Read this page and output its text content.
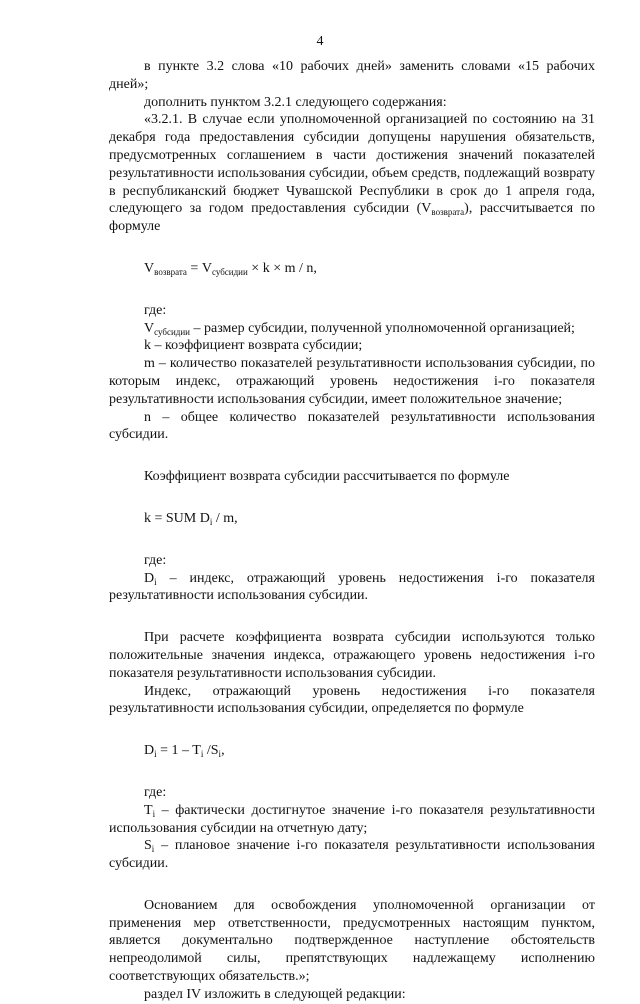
4

в пункте 3.2 слова «10 рабочих дней» заменить словами «15 рабочих дней»;

дополнить пунктом 3.2.1 следующего содержания:

«3.2.1. В случае если уполномоченной организацией по состоянию на 31 декабря года предоставления субсидии допущены нарушения обязательств, предусмотренных соглашением в части достижения значений показателей результативности использования субсидии, объем средств, подлежащий возврату в республиканский бюджет Чувашской Республики в срок до 1 апреля года, следующего за годом предоставления субсидии $(V_{возврата})$, рассчитывается по формуле

$V_{возврата} = V_{субсидии} \times k \times m / n$,

где:

$V_{субсидии}$ – размер субсидии, полученной уполномоченной организацией;

k – коэффициент возврата субсидии;

m – количество показателей результативности использования субсидии, по которым индекс, отражающий уровень недостижения i-го показателя результативности использования субсидии, имеет положительное значение;

n – общее количество показателей результативности использования субсидии.

Коэффициент возврата субсидии рассчитывается по формуле

k = SUM $D_i$ / m,

где:

$D_i$ – индекс, отражающий уровень недостижения i-го показателя результативности использования субсидии.

При расчете коэффициента возврата субсидии используются только положительные значения индекса, отражающего уровень недостижения i-го показателя результативности использования субсидии.

Индекс, отражающий уровень недостижения i-го показателя результативности использования субсидии, определяется по формуле

$D_i = 1 - T_i$ $/S_i$,

где:

$T_i$ – фактически достигнутое значение i-го показателя результативности использования субсидии на отчетную дату;

$S_i$ – плановое значение i-го показателя результативности использования субсидии.

Основанием для освобождения уполномоченной организации от применения мер ответственности, предусмотренных настоящим пунктом, является документально подтвержденное наступление обстоятельств непреодолимой силы, препятствующих надлежащему исполнению соответствующих обязательств.»;

раздел IV изложить в следующей редакции:
